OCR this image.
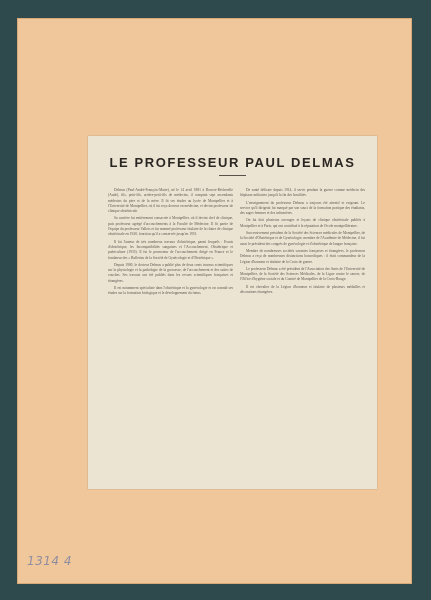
LE PROFESSEUR PAUL DELMAS

Delmas (Paul-André-François-Marie), né le 14 avril 1881 à Douvre-Bécherelle (Aude), fils, petit-fils, arrière-petit-fils de médecins, il comptait sept ascendants médecins du père et de la mère. Il fit ses études au lycée de Montpellier et à l'Université de Montpellier, où il fut reçu docteur en médecine, et devint professeur de clinique obstétricale.

Sa carrière fut entièrement consacrée à Montpellier, où il devint chef de clinique, puis professeur agrégé d'accouchements à la Faculté de Médecine. Il fit partie de l'équipe du professeur Vallois et fut nommé professeur titulaire de la chaire de clinique obstétricale en 1920, fonction qu'il a conservée jusqu'en 1951.

Il fut l'auteur de très nombreux travaux d'obstétrique, parmi lesquels : Essais d'obstétrique, les Incompatibilités sanguines et l'Accouchement, Obstétrique et puériculture (1935). Il fut le promoteur de l'accouchement dirigé en France et le fondateur des « Bulletins de la Société de Gynécologie et d'Obstétrique ».

Depuis 1900, le docteur Delmas a publié plus de deux cents travaux scientifiques sur la physiologie et la pathologie de la grossesse, de l'accouchement et des suites de couches. Ses travaux ont été publiés dans les revues scientifiques françaises et étrangères.

Il est notamment spécialiste dans l'obstétrique et la gynécologie et on connaît ses études sur la formation biologique et le développement du fœtus.

De santé délicate depuis 1914, il servit pendant la guerre comme médecin des hôpitaux militaires jusqu'à la fin des hostilités.

L'enseignement du professeur Delmas a toujours été attentif et exigeant. Le service qu'il dirigeait fut marqué par son souci de la formation pratique des étudiants, des sages-femmes et des infirmières.

On lui doit plusieurs ouvrages et leçons de clinique obstétricale publiés à Montpellier et à Paris, qui ont contribué à la réputation de l'école montpelliéraine.

Successivement président de la Société des Sciences médicales de Montpellier, de la Société d'Obstétrique et de Gynécologie, membre de l'Académie de Médecine, il fut aussi le président des congrès de gynécologie et d'obstétrique de langue française.

Membre de nombreuses sociétés savantes françaises et étrangères, le professeur Delmas a reçu de nombreuses distinctions honorifiques : il était commandeur de la Légion d'honneur et titulaire de la Croix de guerre.

Le professeur Delmas a été président de l'Association des Amis de l'Université de Montpellier, de la Société des Sciences Médicales, de la Ligue contre le cancer, de l'Office d'hygiène sociale et du Comité de Montpellier de la Croix-Rouge.

Il est chevalier de la Légion d'honneur et titulaire de plusieurs médailles et décorations étrangères.

1314 4
